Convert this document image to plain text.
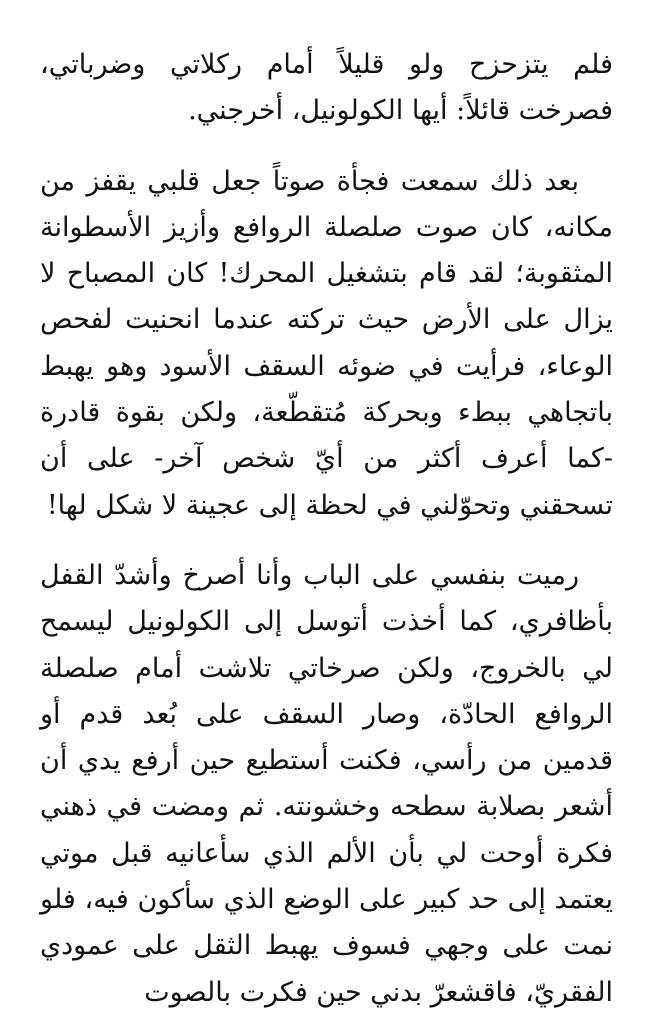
فلم يتزحزح ولو قليلاً أمام ركلاتي وضرباتي، فصرخت قائلاً: أيها الكولونيل، أخرجني.

بعد ذلك سمعت فجأة صوتاً جعل قلبي يقفز من مكانه، كان صوت صلصلة الروافع وأزيز الأسطوانة المثقوبة؛ لقد قام بتشغيل المحرك! كان المصباح لا يزال على الأرض حيث تركته عندما انحنيت لفحص الوعاء، فرأيت في ضوئه السقف الأسود وهو يهبط باتجاهي ببطء وبحركة مُتقطّعة، ولكن بقوة قادرة -كما أعرف أكثر من أيّ شخص آخر- على أن تسحقني وتحوّلني في لحظة إلى عجينة لا شكل لها!

رميت بنفسي على الباب وأنا أصرخ وأشدّ القفل بأظافري، كما أخذت أتوسل إلى الكولونيل ليسمح لي بالخروج، ولكن صرخاتي تلاشت أمام صلصلة الروافع الحادّة، وصار السقف على بُعد قدم أو قدمين من رأسي، فكنت أستطيع حين أرفع يدي أن أشعر بصلابة سطحه وخشونته. ثم ومضت في ذهني فكرة أوحت لي بأن الألم الذي سأعانيه قبل موتي يعتمد إلى حد كبير على الوضع الذي سأكون فيه، فلو نمت على وجهي فسوف يهبط الثقل على عمودي الفقريّ، فاقشعرّ بدني حين فكرت بالصوت
